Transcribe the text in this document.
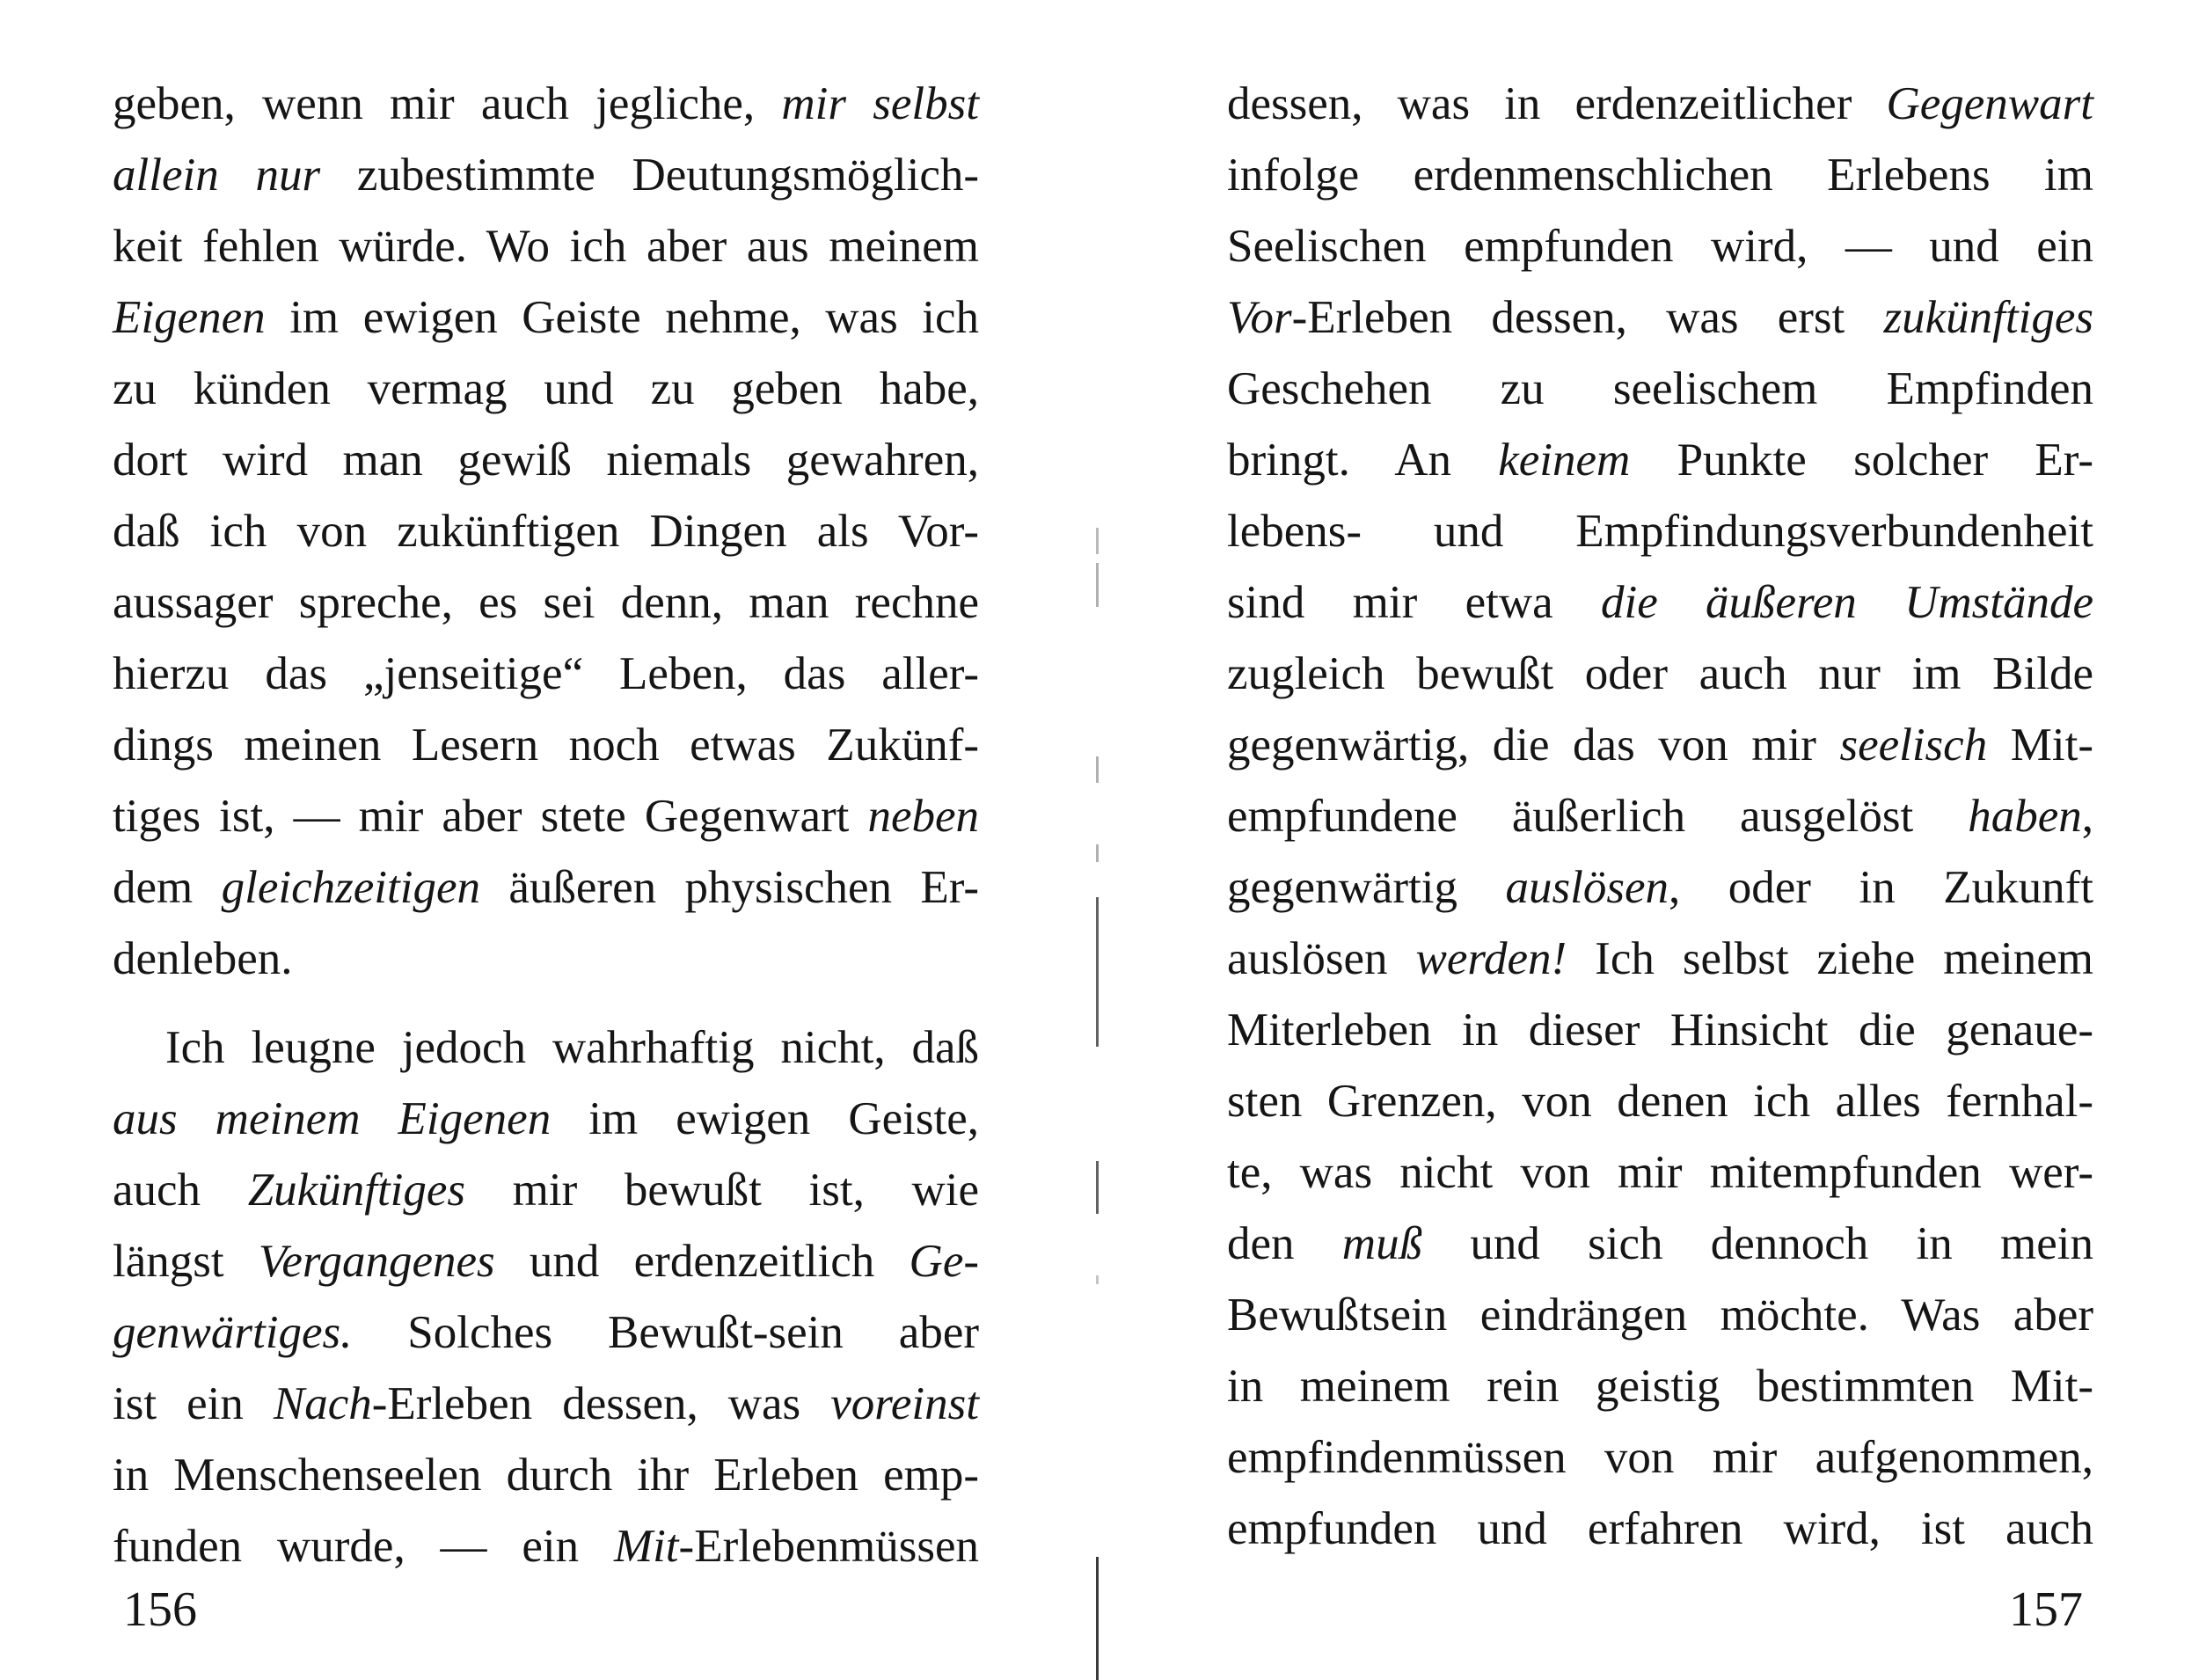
geben, wenn mir auch jegliche, mir selbst
allein nur zubestimmte Deutungsmöglich-
keit fehlen würde. Wo ich aber aus meinem
Eigenen im ewigen Geiste nehme, was ich
zu künden vermag und zu geben habe,
dort wird man gewiß niemals gewahren,
daß ich von zukünftigen Dingen als Vor-
aussager spreche, es sei denn, man rechne
hierzu das „jenseitige“ Leben, das aller-
dings meinen Lesern noch etwas Zukünf-
tiges ist, — mir aber stete Gegenwart neben
dem gleichzeitigen äußeren physischen Er-
denleben.
Ich leugne jedoch wahrhaftig nicht, daß
aus meinem Eigenen im ewigen Geiste,
auch Zukünftiges mir bewußt ist, wie
längst Vergangenes und erdenzeitlich Ge-
genwärtiges. Solches Bewußt-sein aber
ist ein Nach-Erleben dessen, was voreinst
in Menschenseelen durch ihr Erleben emp-
funden wurde, — ein Mit-Erlebenmüssen
156
dessen, was in erdenzeitlicher Gegenwart
infolge erdenmenschlichen Erlebens im
Seelischen empfunden wird, — und ein
Vor-Erleben dessen, was erst zukünftiges
Geschehen zu seelischem Empfinden
bringt. An keinem Punkte solcher Er-
lebens- und Empfindungsverbundenheit
sind mir etwa die äußeren Umstände
zugleich bewußt oder auch nur im Bilde
gegenwärtig, die das von mir seelisch Mit-
empfundene äußerlich ausgelöst haben,
gegenwärtig auslösen, oder in Zukunft
auslösen werden! Ich selbst ziehe meinem
Miterleben in dieser Hinsicht die genaue-
sten Grenzen, von denen ich alles fernhal-
te, was nicht von mir mitempfunden wer-
den muß und sich dennoch in mein
Bewußtsein eindrängen möchte. Was aber
in meinem rein geistig bestimmten Mit-
empfindenmüssen von mir aufgenommen,
empfunden und erfahren wird, ist auch
157
